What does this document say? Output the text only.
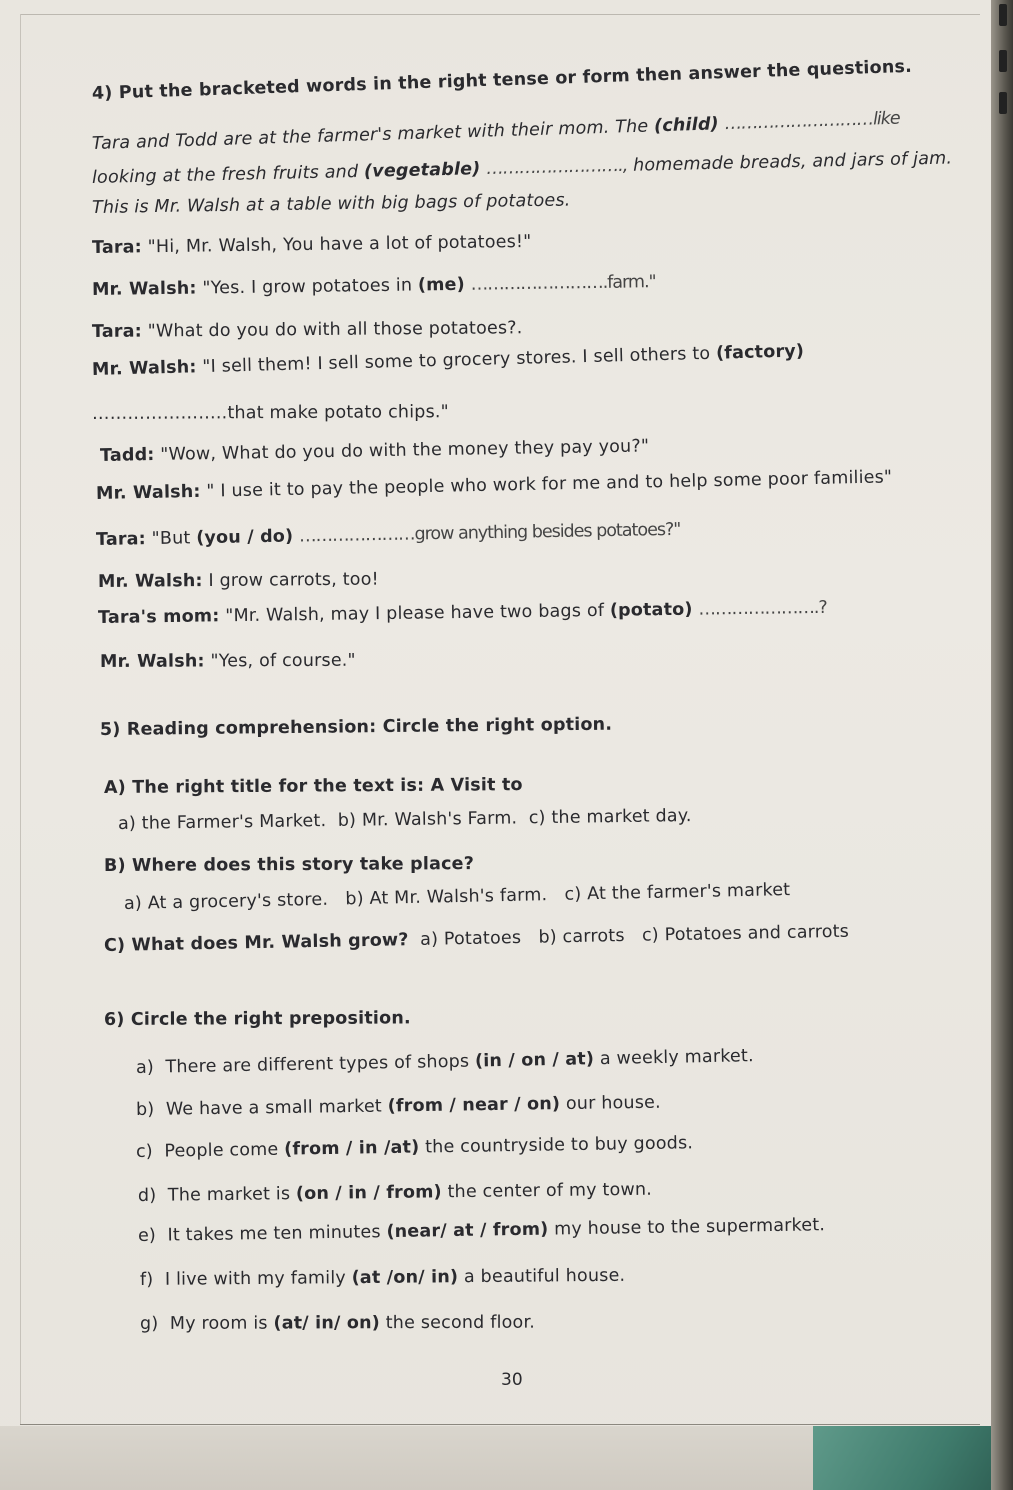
4) Put the bracketed words in the right tense or form then answer the questions.
Tara and Todd are at the farmer's market with their mom. The (child) ………………………like
looking at the fresh fruits and (vegetable) ……………………., homemade breads, and jars of jam.
This is Mr. Walsh at a table with big bags of potatoes.
Tara: "Hi, Mr. Walsh, You have a lot of potatoes!"
Mr. Walsh: "Yes. I grow potatoes in (me) …………………….farm."
Tara: "What do you do with all those potatoes?.
Mr. Walsh: "I sell them! I sell some to grocery stores. I sell others to (factory)
…………………..that make potato chips."
Tadd: "Wow, What do you do with the money they pay you?"
Mr. Walsh: " I use it to pay the people who work for me and to help some poor families"
Tara: "But (you / do) …………………grow anything besides potatoes?"
Mr. Walsh: I grow carrots, too!
Tara's mom: "Mr. Walsh, may I please have two bags of (potato) ………………….?
Mr. Walsh: "Yes, of course."
5) Reading comprehension: Circle the right option.
A) The right title for the text is: A Visit to
a) the Farmer's Market. b) Mr. Walsh's Farm. c) the market day.
B) Where does this story take place?
a) At a grocery's store. b) At Mr. Walsh's farm. c) At the farmer's market
C) What does Mr. Walsh grow? a) Potatoes b) carrots c) Potatoes and carrots
6) Circle the right preposition.
a) There are different types of shops (in / on / at) a weekly market.
b) We have a small market (from / near / on) our house.
c) People come (from / in /at) the countryside to buy goods.
d) The market is (on / in / from) the center of my town.
e) It takes me ten minutes (near/ at / from) my house to the supermarket.
f) I live with my family (at /on/ in) a beautiful house.
g) My room is (at/ in/ on) the second floor.
30
